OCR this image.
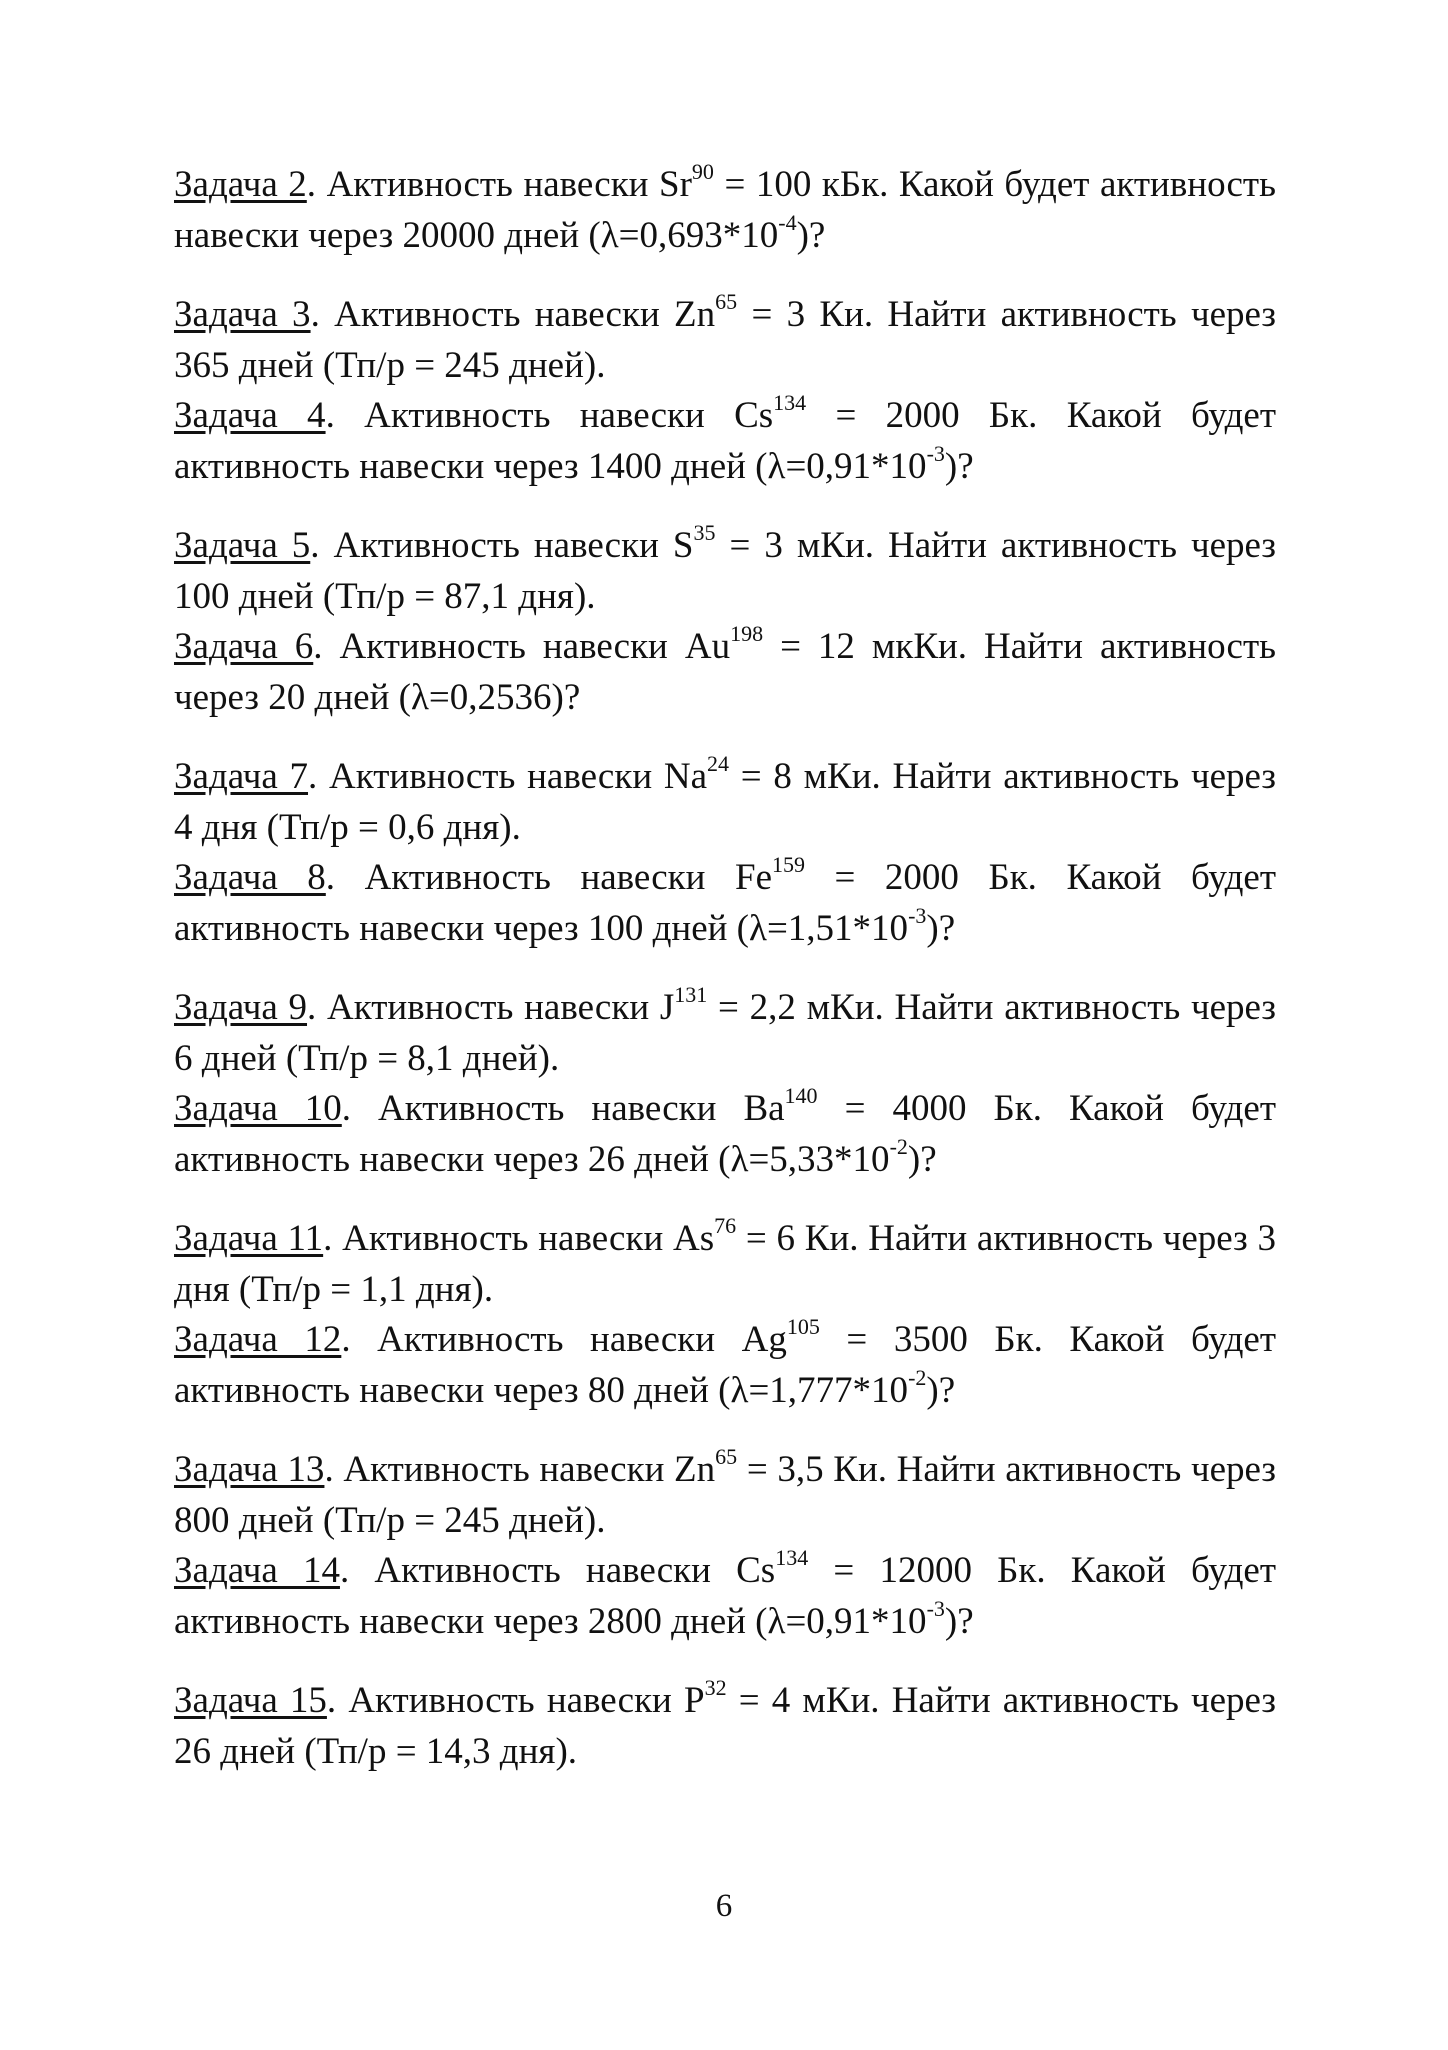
Задача 2. Активность навески $Sr^{90} = 100$ кБк. Какой будет активность навески через 20000 дней $(\lambda=0,693*10^{-4})$?

Задача 3. Активность навески $Zn^{65} = 3$ Ки. Найти активность через 365 дней (Тп/р = 245 дней).

Задача 4. Активность навески $Cs^{134} = 2000$ Бк. Какой будет активность навески через 1400 дней $(\lambda=0,91*10^{-3})$?

Задача 5. Активность навески $S^{35} = 3$ мКи. Найти активность через 100 дней (Тп/р = 87,1 дня).

Задача 6. Активность навески $Au^{198} = 12$ мкКи. Найти активность через 20 дней (λ=0,2536)?

Задача 7. Активность навески $Na^{24} = 8$ мКи. Найти активность через 4 дня (Тп/р = 0,6 дня).

Задача 8. Активность навески $Fe^{159} = 2000$ Бк. Какой будет активность навески через 100 дней $(\lambda=1,51*10^{-3})$?

Задача 9. Активность навески $J^{131} = 2,2$ мКи. Найти активность через 6 дней (Тп/р = 8,1 дней).

Задача 10. Активность навески $Ba^{140} = 4000$ Бк. Какой будет активность навески через 26 дней $(\lambda=5,33*10^{-2})$?

Задача 11. Активность навески $As^{76} = 6$ Ки. Найти активность через 3 дня (Тп/р = 1,1 дня).

Задача 12. Активность навески $Ag^{105} = 3500$ Бк. Какой будет активность навески через 80 дней $(\lambda=1,777*10^{-2})$?

Задача 13. Активность навески $Zn^{65} = 3,5$ Ки. Найти активность через 800 дней (Тп/р = 245 дней).

Задача 14. Активность навески $Cs^{134} = 12000$ Бк. Какой будет активность навески через 2800 дней $(\lambda=0,91*10^{-3})$?

Задача 15. Активность навески $P^{32} = 4$ мКи. Найти активность через 26 дней (Тп/р = 14,3 дня).

6
